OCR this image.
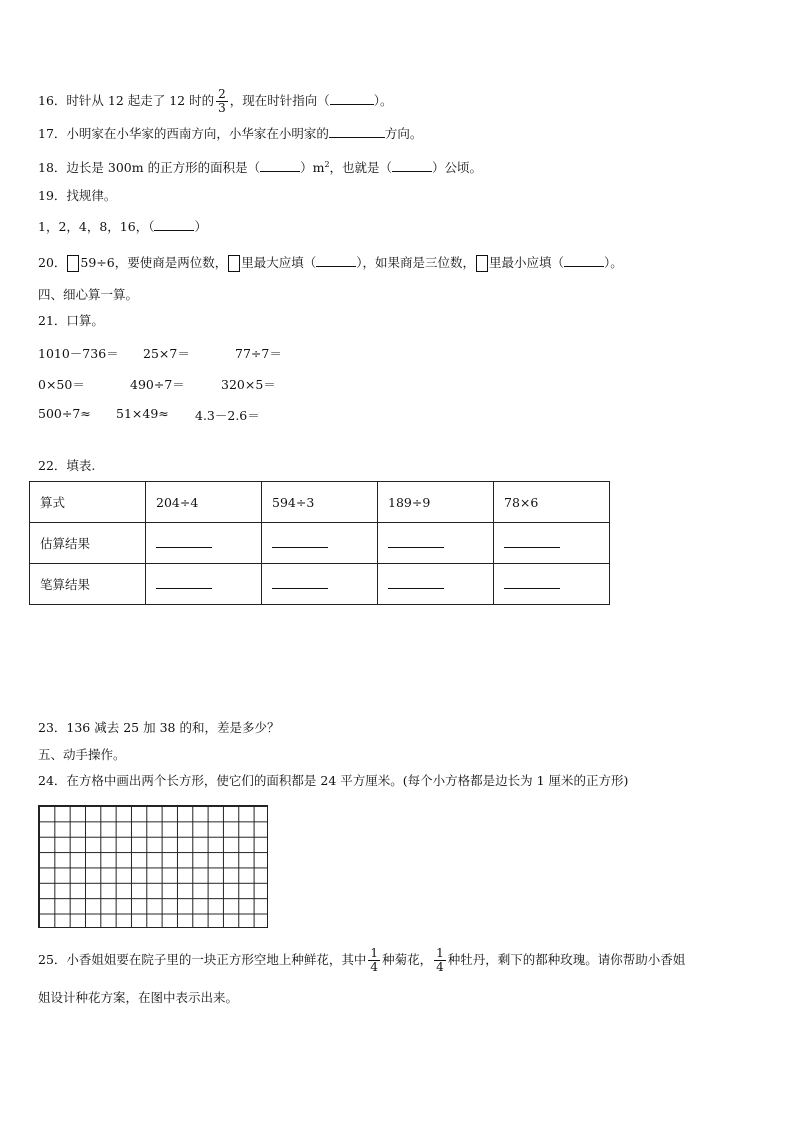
16．时针从 12 起走了 12 时的 $\frac{2}{3}$ ，现在时针指向（	）。
17．小明家在小华家的西南方向，小华家在小明家的	方向。
18．边长是 300m 的正方形的面积是（	）$m^2$，也就是（	）公顷。
19．找规律。
1，2，4，8，16，（	）
20． 59÷6，要使商是两位数， 里最大应填（	），如果商是三位数， 里最小应填（	）。
四、细心算一算。
21．口算。
1010－736＝ 25×7＝	77÷7＝
0×50＝	490÷7＝	320×5＝
500÷7≈ 51×49≈ 4.3－2.6＝
22．填表.
算式	204÷4	594÷3	189÷9	78×6
估算结果				
笔算结果				
23．136 减去 25 加 38 的和，差是多少？
五、动手操作。
24．在方格中画出两个长方形，使它们的面积都是 24 平方厘米。(每个小方格都是边长为 1 厘米的正方形)
25．小香姐姐要在院子里的一块正方形空地上种鲜花，其中 $\frac{1}{4}$ 种菊花， $\frac{1}{4}$ 种牡丹，剩下的都种玫瑰。请你帮助小香姐
姐设计种花方案，在图中表示出来。
